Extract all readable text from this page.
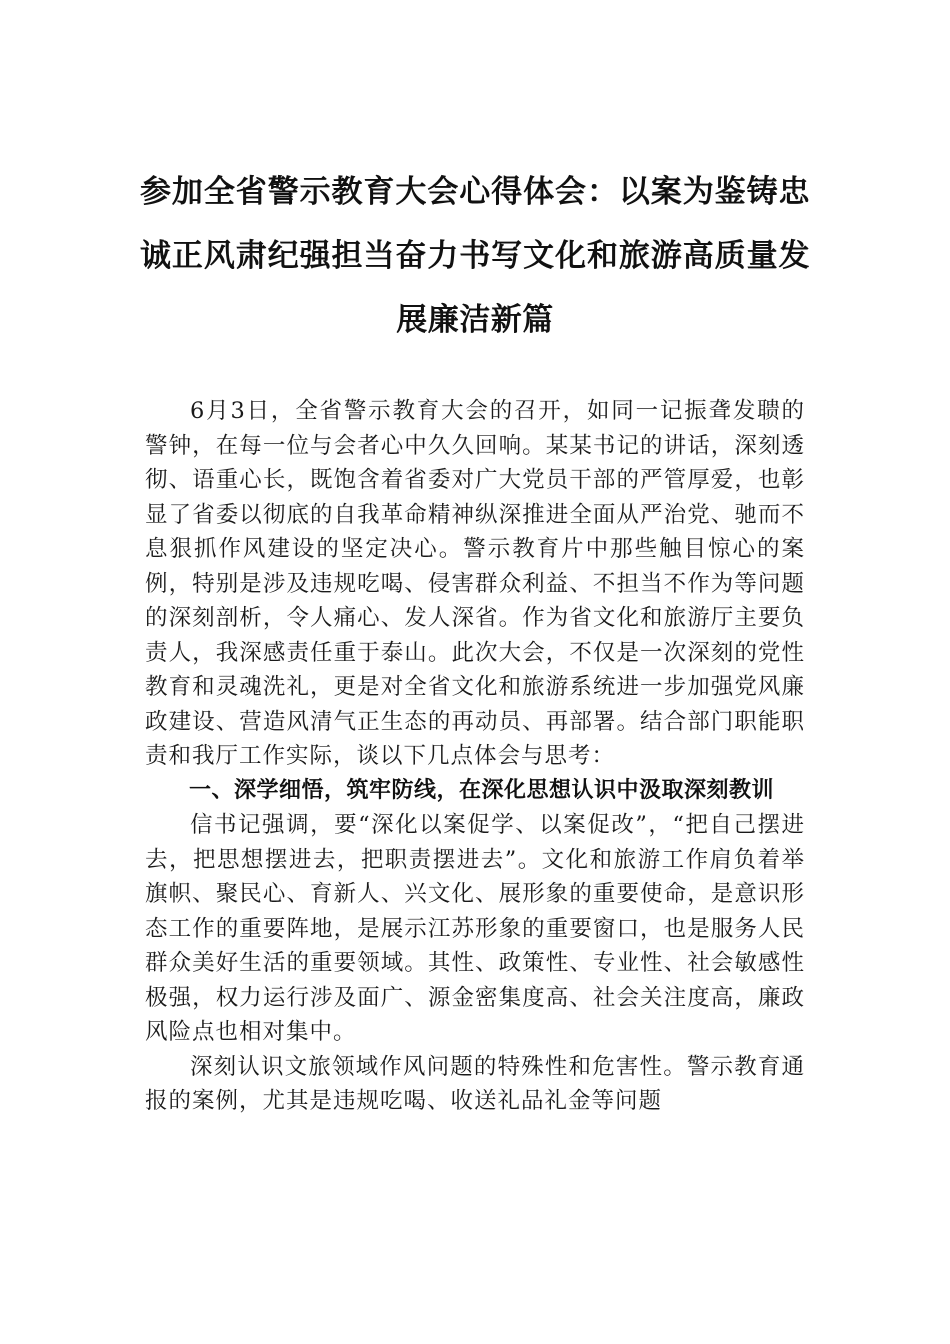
参加全省警示教育大会心得体会：以案为鉴铸忠诚正风肃纪强担当奋力书写文化和旅游高质量发展廉洁新篇

6月3日，全省警示教育大会的召开，如同一记振聋发聩的警钟，在每一位与会者心中久久回响。某某书记的讲话，深刻透彻、语重心长，既饱含着省委对广大党员干部的严管厚爱，也彰显了省委以彻底的自我革命精神纵深推进全面从严治党、驰而不息狠抓作风建设的坚定决心。警示教育片中那些触目惊心的案例，特别是涉及违规吃喝、侵害群众利益、不担当不作为等问题的深刻剖析，令人痛心、发人深省。作为省文化和旅游厅主要负责人，我深感责任重于泰山。此次大会，不仅是一次深刻的党性教育和灵魂洗礼，更是对全省文化和旅游系统进一步加强党风廉政建设、营造风清气正生态的再动员、再部署。结合部门职能职责和我厅工作实际，谈以下几点体会与思考：

一、深学细悟，筑牢防线，在深化思想认识中汲取深刻教训

信书记强调，要“深化以案促学、以案促改”，“把自己摆进去，把思想摆进去，把职责摆进去”。文化和旅游工作肩负着举旗帜、聚民心、育新人、兴文化、展形象的重要使命，是意识形态工作的重要阵地，是展示江苏形象的重要窗口，也是服务人民群众美好生活的重要领域。其性、政策性、专业性、社会敏感性极强，权力运行涉及面广、源金密集度高、社会关注度高，廉政风险点也相对集中。

深刻认识文旅领域作风问题的特殊性和危害性。警示教育通报的案例，尤其是违规吃喝、收送礼品礼金等问题
